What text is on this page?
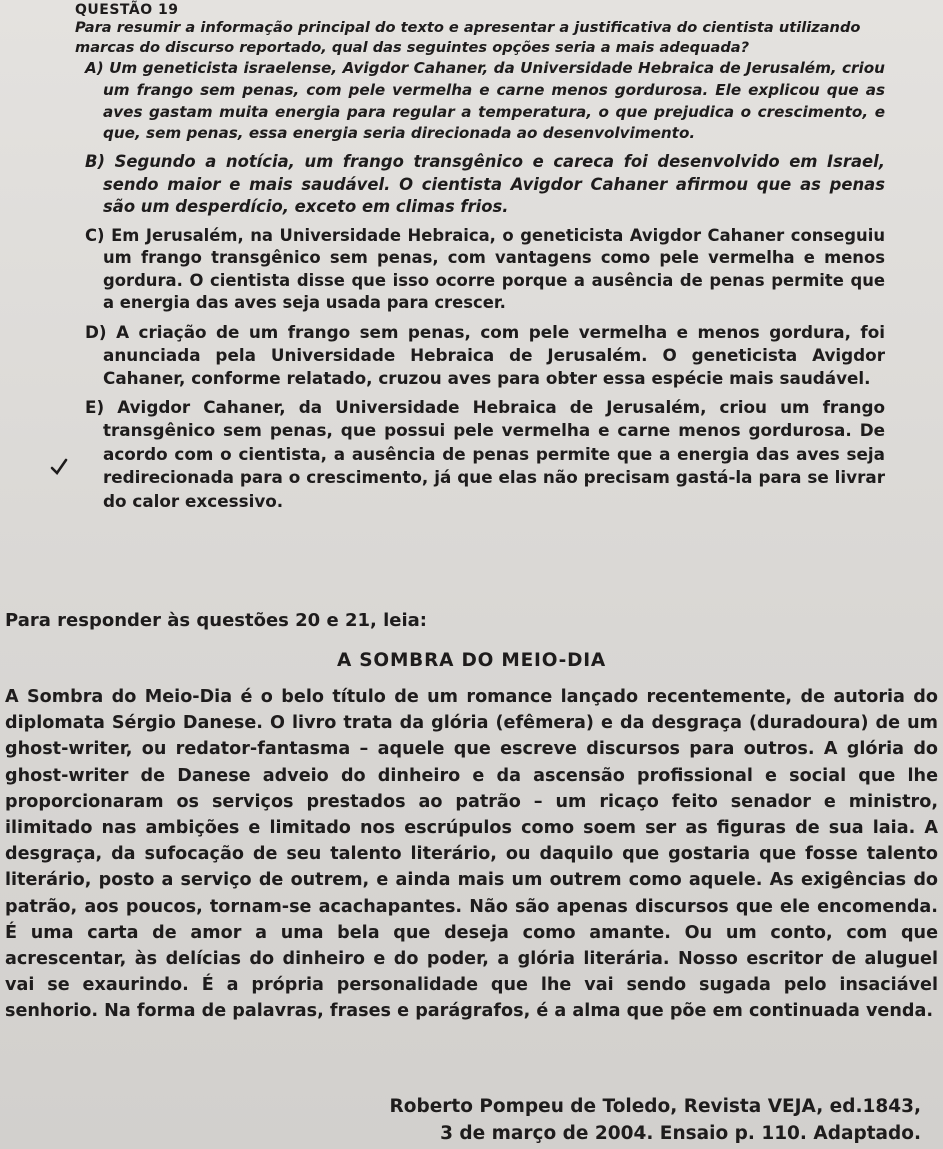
QUESTÃO 19
Para resumir a informação principal do texto e apresentar a justificativa do cientista utilizando marcas do discurso reportado, qual das seguintes opções seria a mais adequada?

A) Um geneticista israelense, Avigdor Cahaner, da Universidade Hebraica de Jerusalém, criou um frango sem penas, com pele vermelha e carne menos gordurosa. Ele explicou que as aves gastam muita energia para regular a temperatura, o que prejudica o crescimento, e que, sem penas, essa energia seria direcionada ao desenvolvimento.

B) Segundo a notícia, um frango transgênico e careca foi desenvolvido em Israel, sendo maior e mais saudável. O cientista Avigdor Cahaner afirmou que as penas são um desperdício, exceto em climas frios.

C) Em Jerusalém, na Universidade Hebraica, o geneticista Avigdor Cahaner conseguiu um frango transgênico sem penas, com vantagens como pele vermelha e menos gordura. O cientista disse que isso ocorre porque a ausência de penas permite que a energia das aves seja usada para crescer.

D) A criação de um frango sem penas, com pele vermelha e menos gordura, foi anunciada pela Universidade Hebraica de Jerusalém. O geneticista Avigdor Cahaner, conforme relatado, cruzou aves para obter essa espécie mais saudável.

E) Avigdor Cahaner, da Universidade Hebraica de Jerusalém, criou um frango transgênico sem penas, que possui pele vermelha e carne menos gordurosa. De acordo com o cientista, a ausência de penas permite que a energia das aves seja redirecionada para o crescimento, já que elas não precisam gastá-la para se livrar do calor excessivo.

Para responder às questões 20 e 21, leia:
A SOMBRA DO MEIO-DIA

A Sombra do Meio-Dia é o belo título de um romance lançado recentemente, de autoria do diplomata Sérgio Danese. O livro trata da glória (efêmera) e da desgraça (duradoura) de um ghost-writer, ou redator-fantasma – aquele que escreve discursos para outros. A glória do ghost-writer de Danese adveio do dinheiro e da ascensão profissional e social que lhe proporcionaram os serviços prestados ao patrão – um ricaço feito senador e ministro, ilimitado nas ambições e limitado nos escrúpulos como soem ser as figuras de sua laia. A desgraça, da sufocação de seu talento literário, ou daquilo que gostaria que fosse talento literário, posto a serviço de outrem, e ainda mais um outrem como aquele. As exigências do patrão, aos poucos, tornam-se acachapantes. Não são apenas discursos que ele encomenda. É uma carta de amor a uma bela que deseja como amante. Ou um conto, com que acrescentar, às delícias do dinheiro e do poder, a glória literária. Nosso escritor de aluguel vai se exaurindo. É a própria personalidade que lhe vai sendo sugada pelo insaciável senhorio. Na forma de palavras, frases e parágrafos, é a alma que põe em continuada venda.

Roberto Pompeu de Toledo, Revista VEJA, ed.1843,
3 de março de 2004. Ensaio p. 110. Adaptado.
